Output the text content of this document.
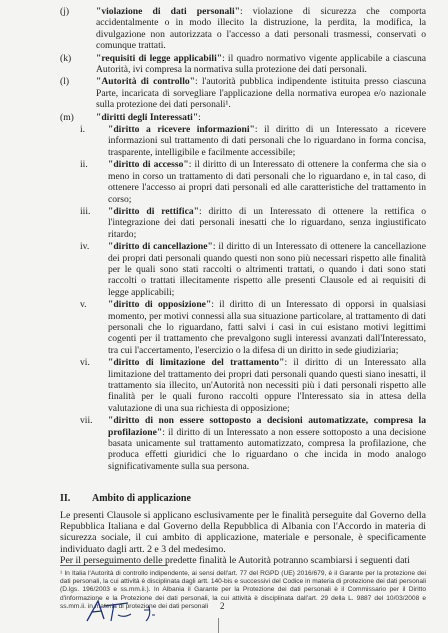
(j)	"violazione di dati personali": violazione di sicurezza che comporta accidentalmente o in modo illecito la distruzione, la perdita, la modifica, la divulgazione non autorizzata o l'accesso a dati personali trasmessi, conservati o comunque trattati.
(k)	"requisiti di legge applicabili": il quadro normativo vigente applicabile a ciascuna Autorità, ivi compresa la normativa sulla protezione dei dati personali.
(l)	"Autorità di controllo": l'autorità pubblica indipendente istituita presso ciascuna Parte, incaricata di sorvegliare l'applicazione della normativa europea e/o nazionale sulla protezione dei dati personali¹.
(m) "diritti degli Interessati":
i. "diritto a ricevere informazioni": il diritto di un Interessato a ricevere informazioni sul trattamento di dati personali che lo riguardano in forma concisa, trasparente, intelligibile e facilmente accessibile;
ii. "diritto di accesso": il diritto di un Interessato di ottenere la conferma che sia o meno in corso un trattamento di dati personali che lo riguardano e, in tal caso, di ottenere l'accesso ai propri dati personali ed alle caratteristiche del trattamento in corso;
iii. "diritto di rettifica": diritto di un Interessato di ottenere la rettifica o l'integrazione dei dati personali inesatti che lo riguardano, senza ingiustificato ritardo;
iv. "diritto di cancellazione": il diritto di un Interessato di ottenere la cancellazione dei propri dati personali quando questi non sono più necessari rispetto alle finalità per le quali sono stati raccolti o altrimenti trattati, o quando i dati sono stati raccolti o trattati illecitamente rispetto alle presenti Clausole ed ai requisiti di legge applicabili;
v. "diritto di opposizione": il diritto di un Interessato di opporsi in qualsiasi momento, per motivi connessi alla sua situazione particolare, al trattamento di dati personali che lo riguardano, fatti salvi i casi in cui esistano motivi legittimi cogenti per il trattamento che prevalgono sugli interessi avanzati dall'Interessato, tra cui l'accertamento, l'esercizio o la difesa di un diritto in sede giudiziaria;
vi. "diritto di limitazione del trattamento": il diritto di un Interessato alla limitazione del trattamento dei propri dati personali quando questi siano inesatti, il trattamento sia illecito, un'Autorità non necessiti più i dati personali rispetto alle finalità per le quali furono raccolti oppure l'Interessato sia in attesa della valutazione di una sua richiesta di opposizione;
vii. "diritto di non essere sottoposto a decisioni automatizzate, compresa la profilazione": il diritto di un Interessato a non essere sottoposto a una decisione basata unicamente sul trattamento automatizzato, compresa la profilazione, che produca effetti giuridici che lo riguardano o che incida in modo analogo significativamente sulla sua persona.
II. Ambito di applicazione
Le presenti Clausole si applicano esclusivamente per le finalità perseguite dal Governo della Repubblica Italiana e dal Governo della Repubblica di Albania con l'Accordo in materia di sicurezza sociale, il cui ambito di applicazione, materiale e personale, è specificamente individuato dagli artt. 2 e 3 del medesimo.
Per il perseguimento delle predette finalità le Autorità potranno scambiarsi i seguenti dati
¹ In Italia l'Autorità di controllo indipendente, ai sensi dell'art. 77 del RGPD (UE) 2016/679, è il Garante per la protezione dei dati personali, la cui attività è disciplinata dagli artt. 140-bis e successivi del Codice in materia di protezione dei dati personali (D.lgs. 196/2003 e ss.mm.ii.). In Albania il Garante per la Protezione dei dati personali è il Commissario per il Diritto d'informazione e la Protezione dei dati personali, la cui attività è disciplinata dall'art. 29 della L. 9887 del 10/03/2008 e ss.mm.ii. in materia di protezione dei dati personali	2
